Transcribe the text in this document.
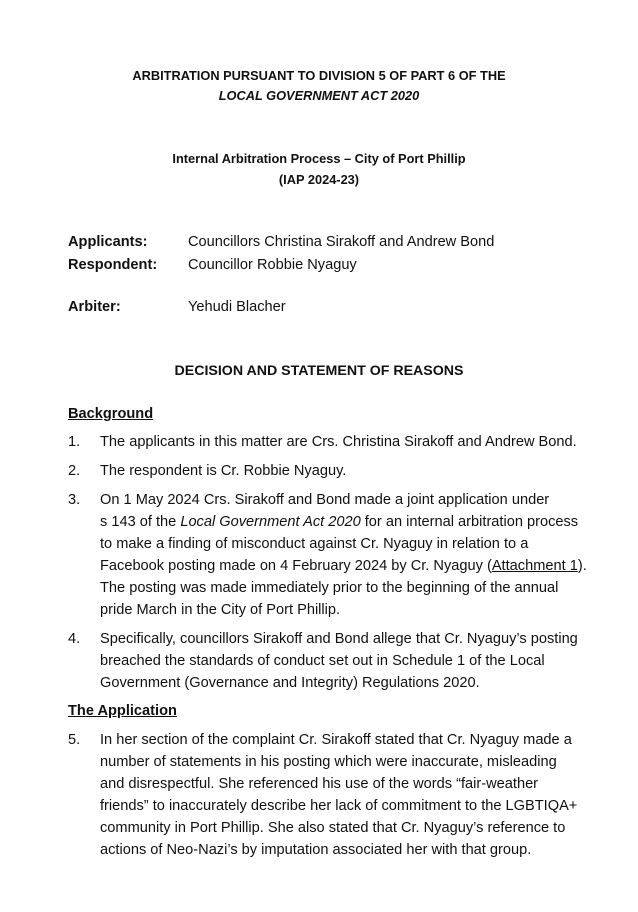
ARBITRATION PURSUANT TO DIVISION 5 OF PART 6 OF THE
LOCAL GOVERNMENT ACT 2020
Internal Arbitration Process – City of Port Phillip
(IAP 2024-23)
Applicants:	Councillors Christina Sirakoff and Andrew Bond
Respondent:	Councillor Robbie Nyaguy
Arbiter:	Yehudi Blacher
DECISION AND STATEMENT OF REASONS
Background
1.	The applicants in this matter are Crs. Christina Sirakoff and Andrew Bond.
2.	The respondent is Cr. Robbie Nyaguy.
3.	On 1 May 2024 Crs. Sirakoff and Bond made a joint application under
s 143 of the Local Government Act 2020 for an internal arbitration process
to make a finding of misconduct against Cr. Nyaguy in relation to a
Facebook posting made on 4 February 2024 by Cr. Nyaguy (Attachment 1).
The posting was made immediately prior to the beginning of the annual
pride March in the City of Port Phillip.
4.	Specifically, councillors Sirakoff and Bond allege that Cr. Nyaguy’s posting
breached the standards of conduct set out in Schedule 1 of the Local
Government (Governance and Integrity) Regulations 2020.
The Application
5.	In her section of the complaint Cr. Sirakoff stated that Cr. Nyaguy made a
number of statements in his posting which were inaccurate, misleading
and disrespectful. She referenced his use of the words “fair-weather
friends” to inaccurately describe her lack of commitment to the LGBTIQA+
community in Port Phillip. She also stated that Cr. Nyaguy’s reference to
actions of Neo-Nazi’s by imputation associated her with that group.
